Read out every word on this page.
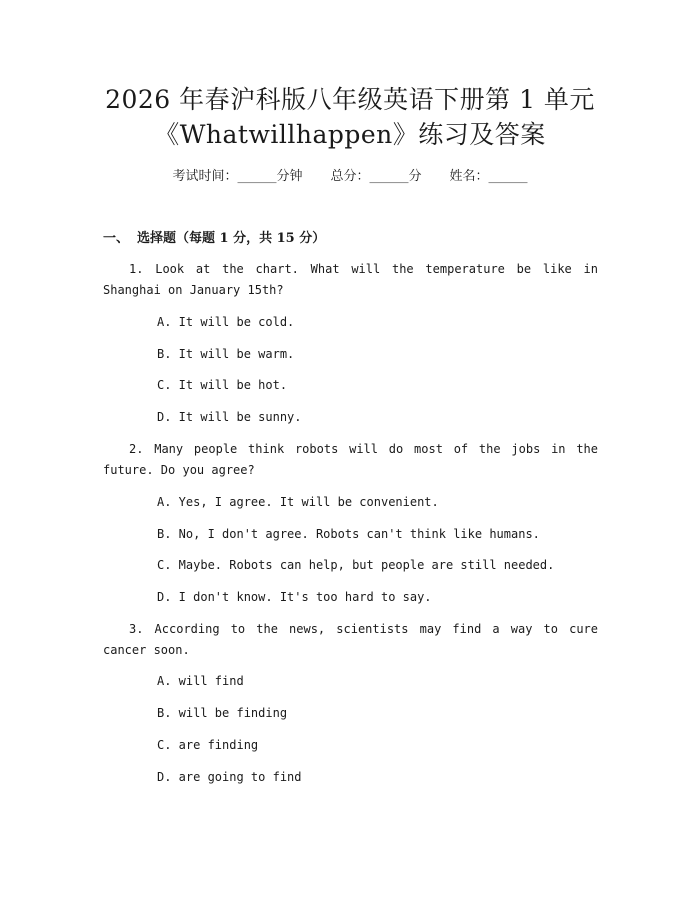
2026 年春沪科版八年级英语下册第 1 单元
《Whatwillhappen》练习及答案
考试时间：______分钟 总分：______分 姓名：______
一、 选择题（每题 1 分，共 15 分）
1. Look at the chart. What will the temperature be like in Shanghai on January 15th?
A. It will be cold.
B. It will be warm.
C. It will be hot.
D. It will be sunny.
2. Many people think robots will do most of the jobs in the future. Do you agree?
A. Yes, I agree. It will be convenient.
B. No, I don't agree. Robots can't think like humans.
C. Maybe. Robots can help, but people are still needed.
D. I don't know. It's too hard to say.
3. According to the news, scientists may find a way to cure cancer soon.
A. will find
B. will be finding
C. are finding
D. are going to find
